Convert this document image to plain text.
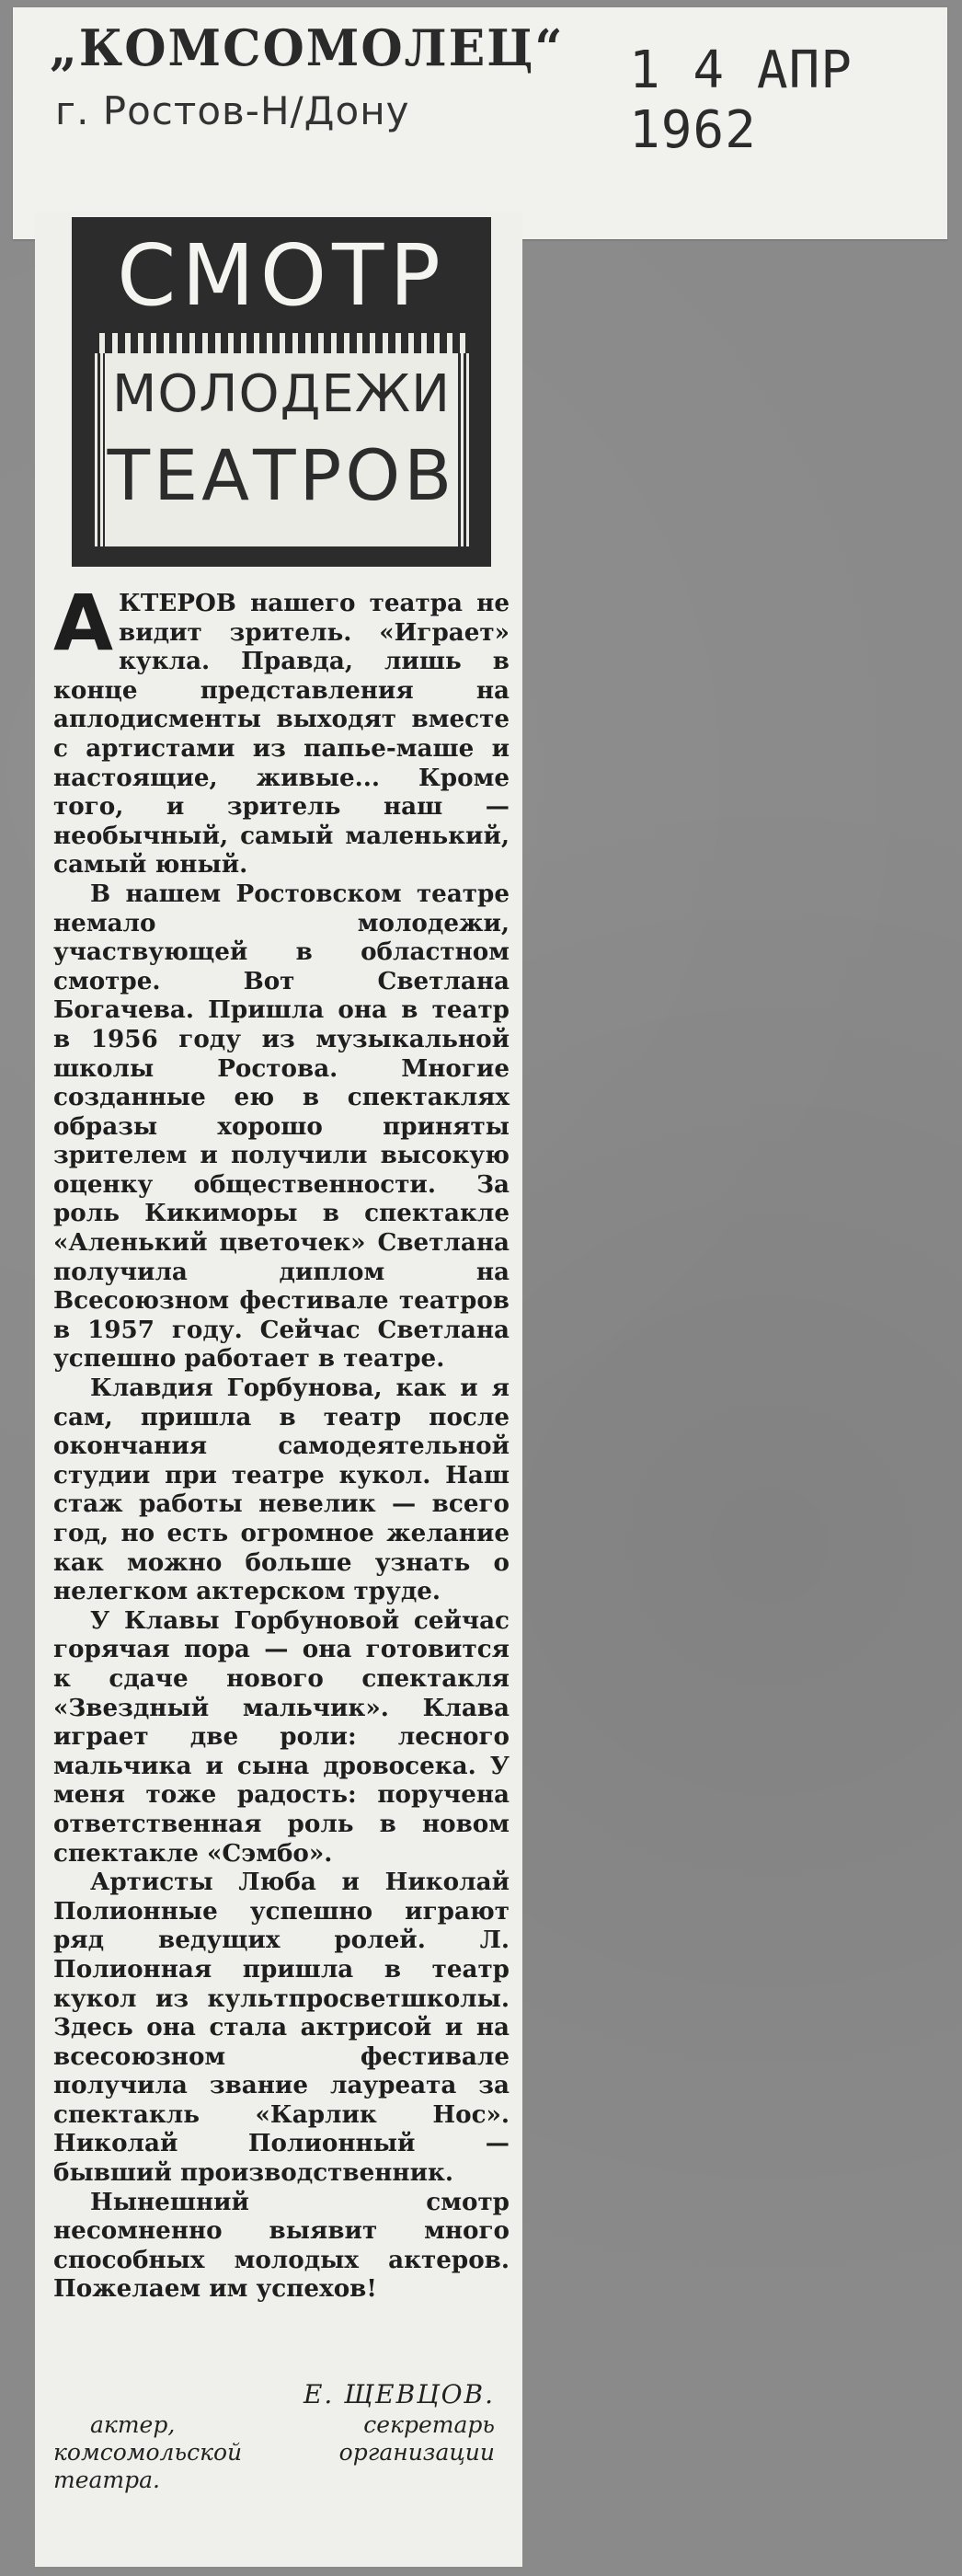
„КОМСОМОЛЕЦ“
г. Ростов-Н/Дону
1 4 АПР 1962
СМОТР
МОЛОДЕЖИ
ТЕАТРОВ

АКТЕРОВ нашего театра не видит зритель. «Играет» кукла. Правда, лишь в конце представления на аплодисменты выходят вместе с артистами из папье-маше и настоящие, живые... Кроме того, и зритель наш — необычный, самый маленький, самый юный.

В нашем Ростовском театре немало молодежи, участвующей в областном смотре. Вот Светлана Богачева. Пришла она в театр в 1956 году из музыкальной школы Ростова. Многие созданные ею в спектаклях образы хорошо приняты зрителем и получили высокую оценку общественности. За роль Кикиморы в спектакле «Аленький цветочек» Светлана получила диплом на Всесоюзном фестивале театров в 1957 году. Сейчас Светлана успешно работает в театре.

Клавдия Горбунова, как и я сам, пришла в театр после окончания самодеятельной студии при театре кукол. Наш стаж работы невелик — всего год, но есть огромное желание как можно больше узнать о нелегком актерском труде.

У Клавы Горбуновой сейчас горячая пора — она готовится к сдаче нового спектакля «Звездный мальчик». Клава играет две роли: лесного мальчика и сына дровосека. У меня тоже радость: поручена ответственная роль в новом спектакле «Сэмбо».

Артисты Люба и Николай Полионные успешно играют ряд ведущих ролей. Л. Полионная пришла в театр кукол из культпросветшколы. Здесь она стала актрисой и на всесоюзном фестивале получила звание лауреата за спектакль «Карлик Нос». Николай Полионный — бывший производственник.

Нынешний смотр несомненно выявит много способных молодых актеров. Пожелаем им успехов!

Е. ЩЕВЦОВ.
актер, секретарь комсомольской организации театра.
